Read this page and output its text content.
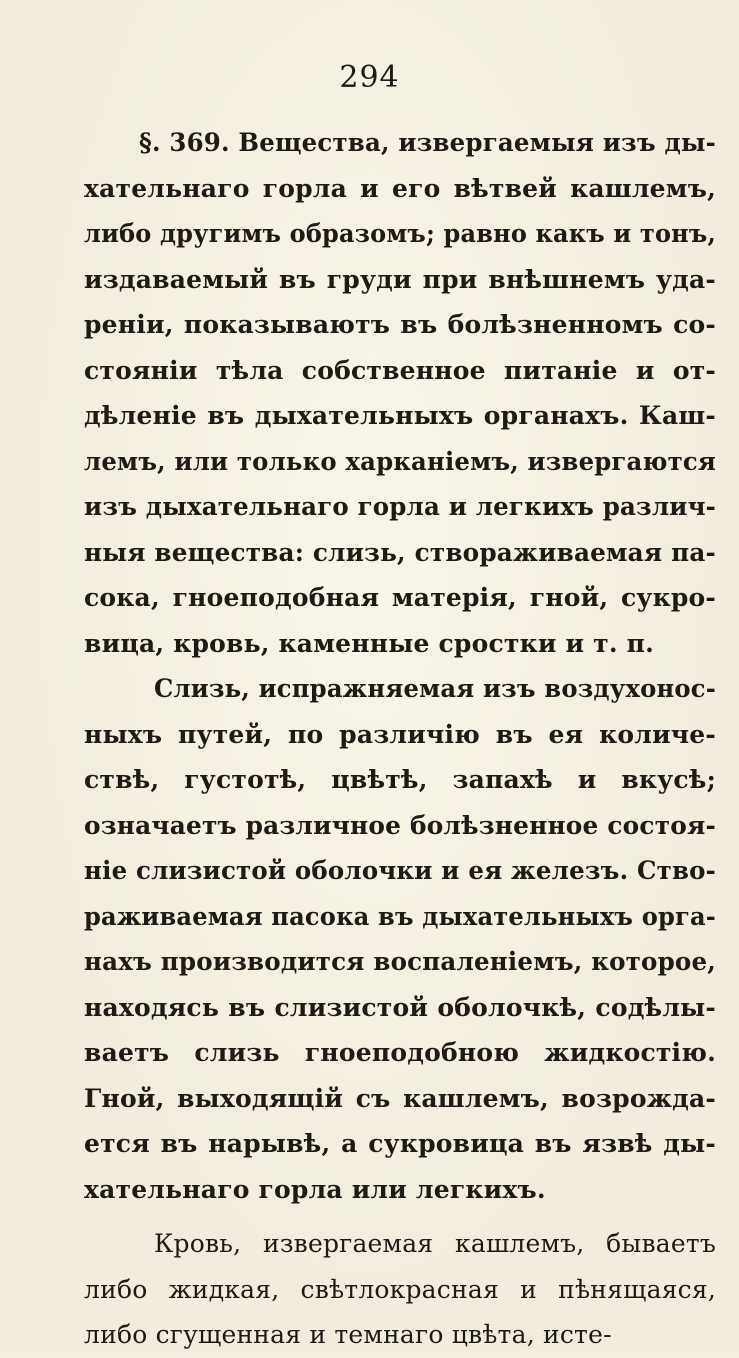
294
§. 369. Вещества, извергаемыя изъ ды-
хательнаго горла и его вѣтвей кашлемъ,
либо другимъ образомъ; равно какъ и тонъ,
издаваемый въ груди при внѣшнемъ уда-
реніи, показываютъ въ болѣзненномъ со-
стояніи тѣла собственное питаніе и от-
дѣленіе въ дыхательныхъ органахъ. Каш-
лемъ, или только харканіемъ, извергаются
изъ дыхательнаго горла и легкихъ различ-
ныя вещества: слизь, створаживаемая па-
сока, гноеподобная матерія, гной, сукро-
вица, кровь, каменные сростки и т. п.
Слизь, испражняемая изъ воздухонос-
ныхъ путей, по различію въ ея количе-
ствѣ, густотѣ, цвѣтѣ, запахѣ и вкусѣ;
означаетъ различное болѣзненное состоя-
ніе слизистой оболочки и ея железъ. Ство-
раживаемая пасока въ дыхательныхъ орга-
нахъ производится воспаленіемъ, которое,
находясь въ слизистой оболочкѣ, содѣлы-
ваетъ слизь гноеподобною жидкостію.
Гной, выходящій съ кашлемъ, возрожда-
ется въ нарывѣ, а сукровица въ язвѣ ды-
хательнаго горла или легкихъ.
Кровь, извергаемая кашлемъ, бываетъ
либо жидкая, свѣтлокрасная и пѣнящаяся,
либо сгущенная и темнаго цвѣта, исте-
